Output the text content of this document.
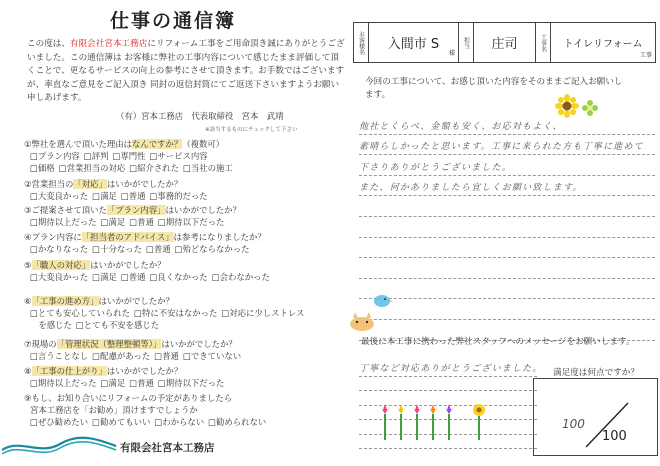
仕事の通信簿
この度は、有限会社宮本工務店にリフォーム工事をご用命頂き誠にありがとうございました。この通信簿は お客様に弊社の工事内容について感じたまま評価して頂くことで、更なるサービスの向上の参考にさせて頂きます。お手数ではございますが、率直なご意見をご記入頂き 同封の返信封筒にてご返送下さいますようお願い申しあげます。
（有）宮本工務店　代表取締役　宮本　武靖
※該当するものにチェックして下さい
①弊社を選んで頂いた理由はなんですか？（複数可）
□プラン内容 □評判 □専門性 □サービス内容
□価格 □営業担当の対応 □紹介された □当社の施工
②営業担当の「対応」はいかがでしたか？
□大変良かった □満足 □普通 □事務的だった
③ご提案させて頂いた「プラン内容」はいかがでしたか？
□期待以上だった □満足 □普通 □期待以下だった
④プラン内容に「担当者のアドバイス」は参考になりましたか？
□かなりなった □十分なった □普通 □殆どならなかった
⑤「職人の対応」はいかがでしたか？
□大変良かった □満足 □普通 □良くなかった □会わなかった
⑥「工事の進め方」はいかがでしたか？
□とても安心していられた □特に不安はなかった □対応に少しストレス
　を感じた □とても不安を感じた
⑦現場の「管理状況（整理整頓等）」はいかがでしたか？
□言うことなし □配慮があった □普通 □できていない
⑧「工事の仕上がり」はいかがでしたか？
□期待以上だった □満足 □普通 □期待以下だった
⑨もし、お知り合いにリフォームの予定がありましたら
宮本工務店を「お勧め」頂けますでしょうか
□ぜひ勧めたい □勧めてもいい □わからない □勧められない
有限会社宮本工務店
お客様名	入間市 S
様
担当	庄司	工事名	トイレリフォーム
工事
今回の工事について、お感じ頂いた内容をそのままご記入お願いします。
他社とくらべ、金額も安く、お応対もよく、
素晴らしかったと思います。工事に来られた方も丁寧に進めて
下さりありがとうございました。
また、何かありましたら宜しくお願い致します。
最後に本工事に携わった弊社スタッフへのメッセージをお願いします。
丁寧など対応ありがとうございました。 満足度は何点ですか？
100
100
